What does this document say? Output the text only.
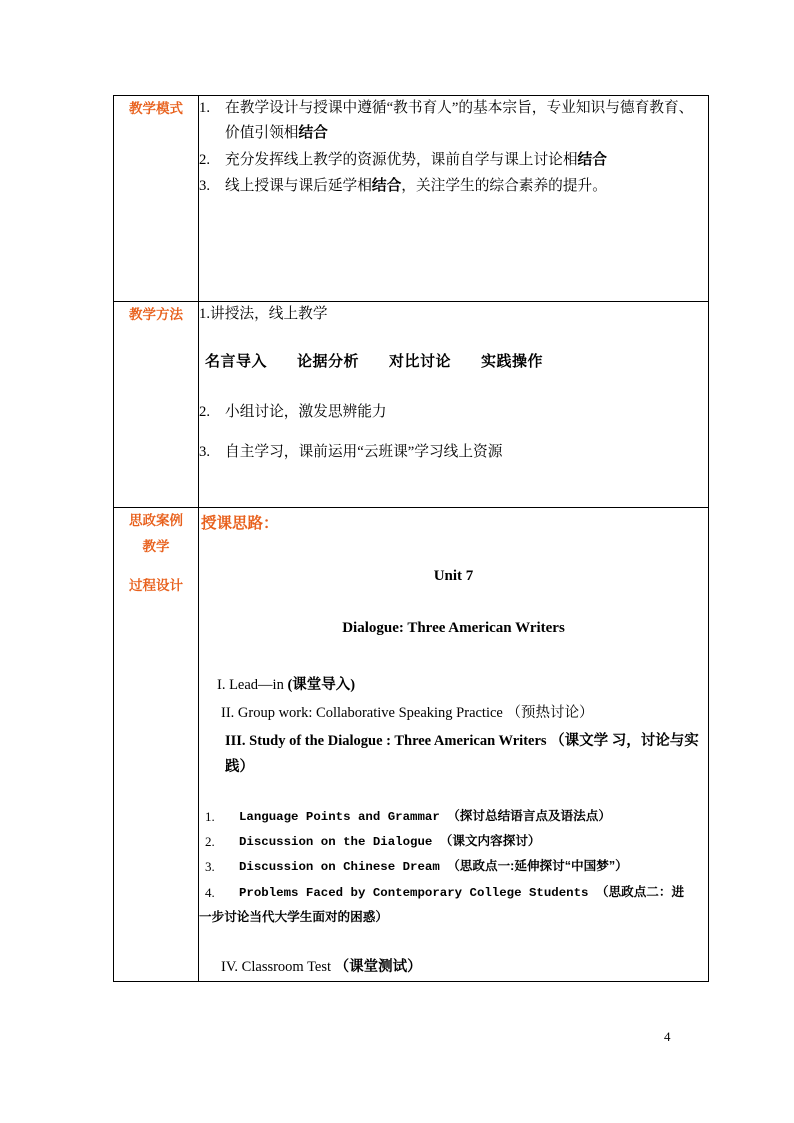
教学模式	1. 在教学设计与授课中遵循“教书育人”的基本宗旨，专业知识与德育教育、价值引领相结合
2. 充分发挥线上教学的资源优势，课前自学与课上讨论相结合
3. 线上授课与课后延学相结合，关注学生的综合素养的提升。

教学方法	1.讲授法，线上教学

名言导入 论据分析 对比讨论 实践操作

2. 小组讨论，激发思辨能力

3. 自主学习，课前运用“云班课”学习线上资源

思政案例
教学
过程设计

授课思路：
Unit 7
Dialogue: Three American Writers
I. Lead—in (课堂导入)
II. Group work: Collaborative Speaking Practice （预热讨论）
III. Study of the Dialogue : Three American Writers （课文学 习，讨论与实践）
1. Language Points and Grammar （探讨总结语言点及语法点）
2. Discussion on the Dialogue （课文内容探讨）
3. Discussion on Chinese Dream （思政点一:延伸探讨“中国梦”）
4. Problems Faced by Contemporary College Students （思政点二：进
一步讨论当代大学生面对的困惑）
IV. Classroom Test （课堂测试）
4
